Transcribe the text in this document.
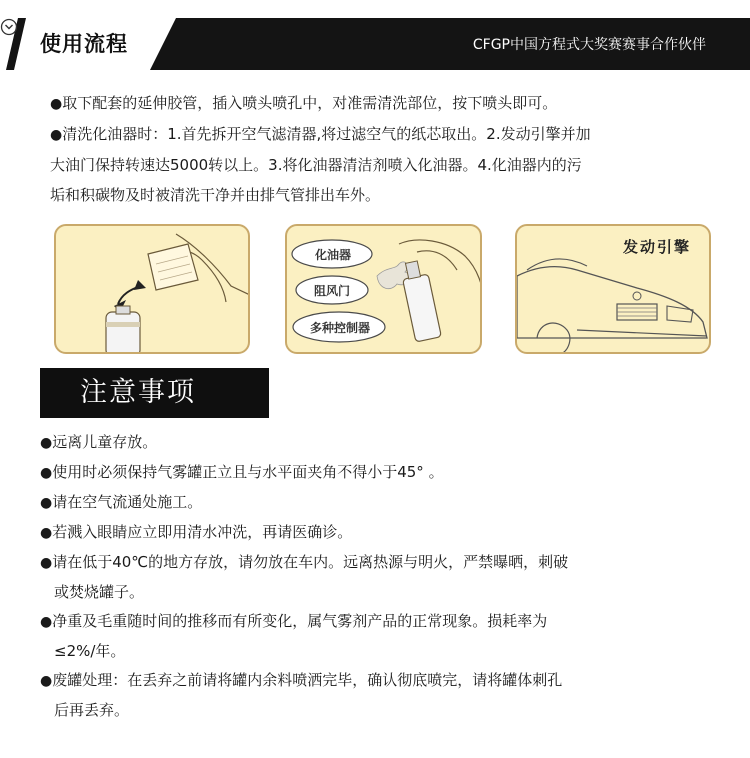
使用流程	CFGP中国方程式大奖赛赛事合作伙伴

●取下配套的延伸胶管，插入喷头喷孔中，对准需清洗部位，按下喷头即可。

●清洗化油器时：1.首先拆开空气滤清器,将过滤空气的纸芯取出。2.发动引擎并加

大油门保持转速达5000转以上。3.将化油器清洁剂喷入化油器。4.化油器内的污

垢和积碳物及时被清洗干净并由排气管排出车外。

化油器
阻风门
多种控制器
发动引擎
注意事项

●远离儿童存放。

●使用时必须保持气雾罐正立且与水平面夹角不得小于45° 。

●请在空气流通处施工。

●若溅入眼睛应立即用清水冲洗，再请医确诊。

●请在低于40℃的地方存放，请勿放在车内。远离热源与明火，严禁曝晒，刺破

或焚烧罐子。

●净重及毛重随时间的推移而有所变化，属气雾剂产品的正常现象。损耗率为

≤2%/年。

●废罐处理：在丢弃之前请将罐内余料喷洒完毕，确认彻底喷完，请将罐体刺孔

后再丢弃。
